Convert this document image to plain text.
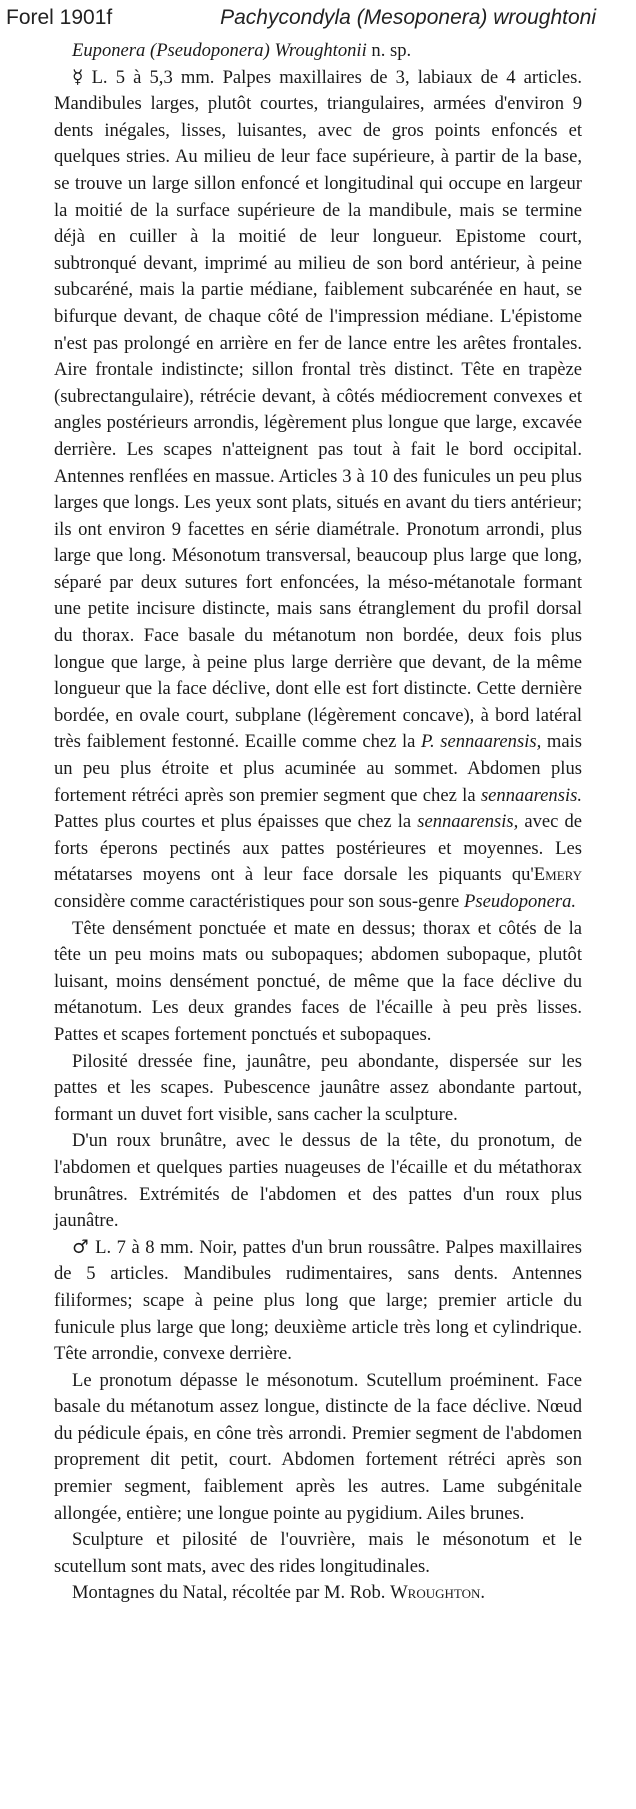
Forel 1901f	Pachycondyla (Mesoponera) wroughtoni

Euponera (Pseudoponera) Wroughtonii n. sp.

☿ L. 5 à 5,3 mm. Palpes maxillaires de 3, labiaux de 4 articles. Mandibules larges, plutôt courtes, triangulaires, armées d'environ 9 dents inégales, lisses, luisantes, avec de gros points enfoncés et quelques stries. Au milieu de leur face supérieure, à partir de la base, se trouve un large sillon enfoncé et longitudinal qui occupe en largeur la moitié de la surface supérieure de la mandibule, mais se termine déjà en cuiller à la moitié de leur longueur. Epistome court, subtronqué devant, imprimé au milieu de son bord antérieur, à peine subcaréné, mais la partie médiane, faiblement subcarénée en haut, se bifurque devant, de chaque côté de l'impression médiane. L'épistome n'est pas prolongé en arrière en fer de lance entre les arêtes frontales. Aire frontale indistincte; sillon frontal très distinct. Tête en trapèze (subrectangulaire), rétrécie devant, à côtés médiocrement convexes et angles postérieurs arrondis, légèrement plus longue que large, excavée derrière. Les scapes n'atteignent pas tout à fait le bord occipital. Antennes renflées en massue. Articles 3 à 10 des funicules un peu plus larges que longs. Les yeux sont plats, situés en avant du tiers antérieur; ils ont environ 9 facettes en série diamétrale. Pronotum arrondi, plus large que long. Mésonotum transversal, beaucoup plus large que long, séparé par deux sutures fort enfoncées, la méso-métanotale formant une petite incisure distincte, mais sans étranglement du profil dorsal du thorax. Face basale du métanotum non bordée, deux fois plus longue que large, à peine plus large derrière que devant, de la même longueur que la face déclive, dont elle est fort distincte. Cette dernière bordée, en ovale court, subplane (légèrement concave), à bord latéral très faiblement festonné. Ecaille comme chez la P. sennaarensis, mais un peu plus étroite et plus acuminée au sommet. Abdomen plus fortement rétréci après son premier segment que chez la sennaarensis. Pattes plus courtes et plus épaisses que chez la sennaarensis, avec de forts éperons pectinés aux pattes postérieures et moyennes. Les métatarses moyens ont à leur face dorsale les piquants qu'Emery considère comme caractéristiques pour son sous-genre Pseudoponera.

Tête densément ponctuée et mate en dessus; thorax et côtés de la tête un peu moins mats ou subopaques; abdomen subopaque, plutôt luisant, moins densément ponctué, de même que la face déclive du métanotum. Les deux grandes faces de l'écaille à peu près lisses. Pattes et scapes fortement ponctués et subopaques.

Pilosité dressée fine, jaunâtre, peu abondante, dispersée sur les pattes et les scapes. Pubescence jaunâtre assez abondante partout, formant un duvet fort visible, sans cacher la sculpture.

D'un roux brunâtre, avec le dessus de la tête, du pronotum, de l'abdomen et quelques parties nuageuses de l'écaille et du métathorax brunâtres. Extrémités de l'abdomen et des pattes d'un roux plus jaunâtre.

♂ L. 7 à 8 mm. Noir, pattes d'un brun roussâtre. Palpes maxillaires de 5 articles. Mandibules rudimentaires, sans dents. Antennes filiformes; scape à peine plus long que large; premier article du funicule plus large que long; deuxième article très long et cylindrique. Tête arrondie, convexe derrière.

Le pronotum dépasse le mésonotum. Scutellum proéminent. Face basale du métanotum assez longue, distincte de la face déclive. Nœud du pédicule épais, en cône très arrondi. Premier segment de l'abdomen proprement dit petit, court. Abdomen fortement rétréci après son premier segment, faiblement après les autres. Lame subgénitale allongée, entière; une longue pointe au pygidium. Ailes brunes.

Sculpture et pilosité de l'ouvrière, mais le mésonotum et le scutellum sont mats, avec des rides longitudinales.

Montagnes du Natal, récoltée par M. Rob. Wroughton.
